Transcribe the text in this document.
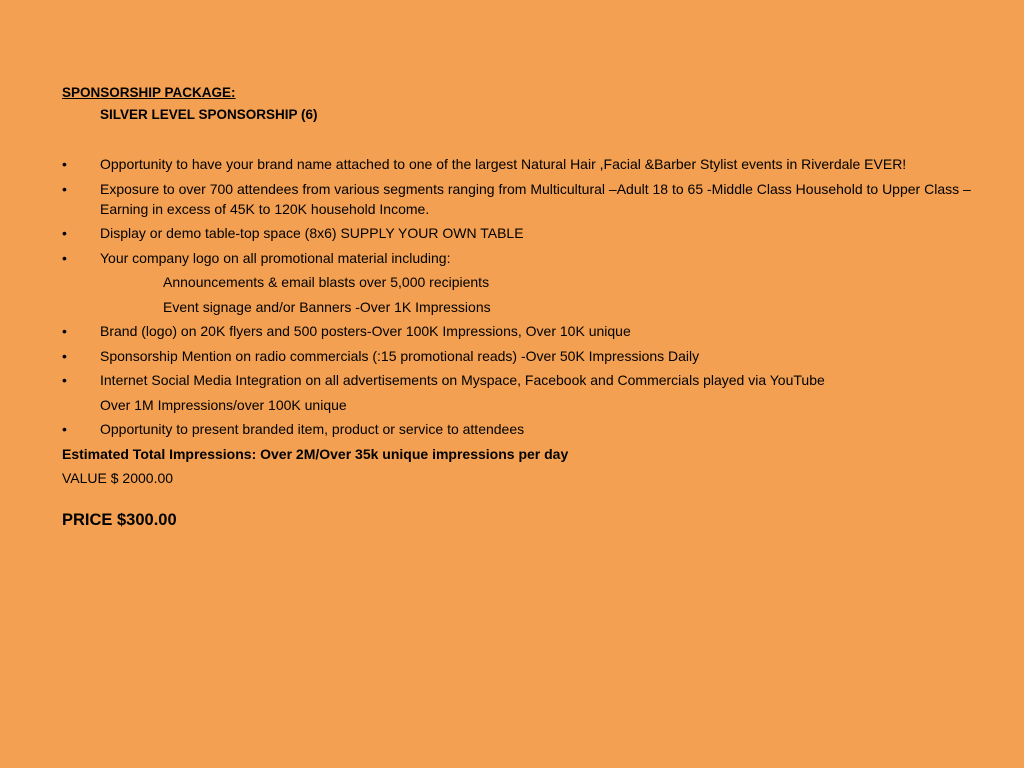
SPONSORSHIP PACKAGE:
SILVER LEVEL SPONSORSHIP (6)
• Opportunity to have your brand name attached to one of the largest Natural Hair ,Facial &Barber Stylist events in Riverdale EVER!
• Exposure to over 700 attendees from various segments ranging from Multicultural –Adult 18 to 65 -Middle Class Household to Upper Class –Earning in excess of 45K to 120K household Income.
• Display or demo table-top space (8x6) SUPPLY YOUR OWN TABLE
• Your company logo on all promotional material including:
Announcements & email blasts over 5,000 recipients
Event signage and/or Banners -Over 1K Impressions
• Brand (logo) on 20K flyers and 500 posters-Over 100K Impressions, Over 10K unique
• Sponsorship Mention on radio commercials (:15 promotional reads) -Over 50K Impressions Daily
• Internet Social Media Integration on all advertisements on Myspace, Facebook and Commercials played via YouTube
Over 1M Impressions/over 100K unique
• Opportunity to present branded item, product or service to attendees
Estimated Total Impressions: Over 2M/Over 35k unique impressions per day
VALUE $ 2000.00
PRICE $300.00
